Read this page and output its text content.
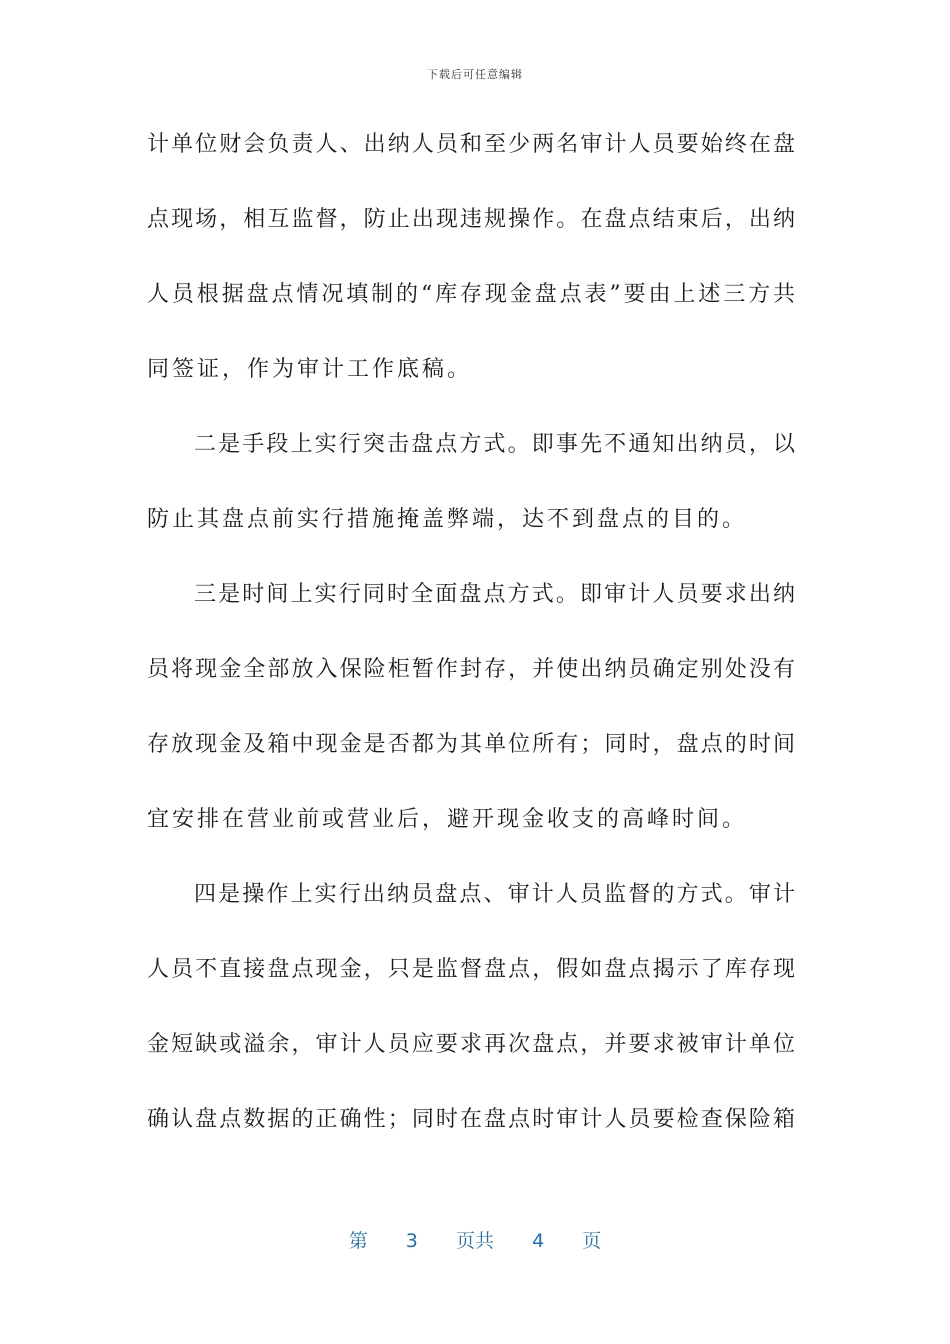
下载后可任意编辑
计单位财会负责人、出纳人员和至少两名审计人员要始终在盘
点现场，相互监督，防止出现违规操作。在盘点结束后，出纳
人员根据盘点情况填制的“库存现金盘点表”要由上述三方共
同签证，作为审计工作底稿。
二是手段上实行突击盘点方式。即事先不通知出纳员，以
防止其盘点前实行措施掩盖弊端，达不到盘点的目的。
三是时间上实行同时全面盘点方式。即审计人员要求出纳
员将现金全部放入保险柜暂作封存，并使出纳员确定别处没有
存放现金及箱中现金是否都为其单位所有；同时，盘点的时间
宜安排在营业前或营业后，避开现金收支的高峰时间。
四是操作上实行出纳员盘点、审计人员监督的方式。审计
人员不直接盘点现金，只是监督盘点，假如盘点揭示了库存现
金短缺或溢余，审计人员应要求再次盘点，并要求被审计单位
确认盘点数据的正确性；同时在盘点时审计人员要检查保险箱
第 3 页共 4 页
